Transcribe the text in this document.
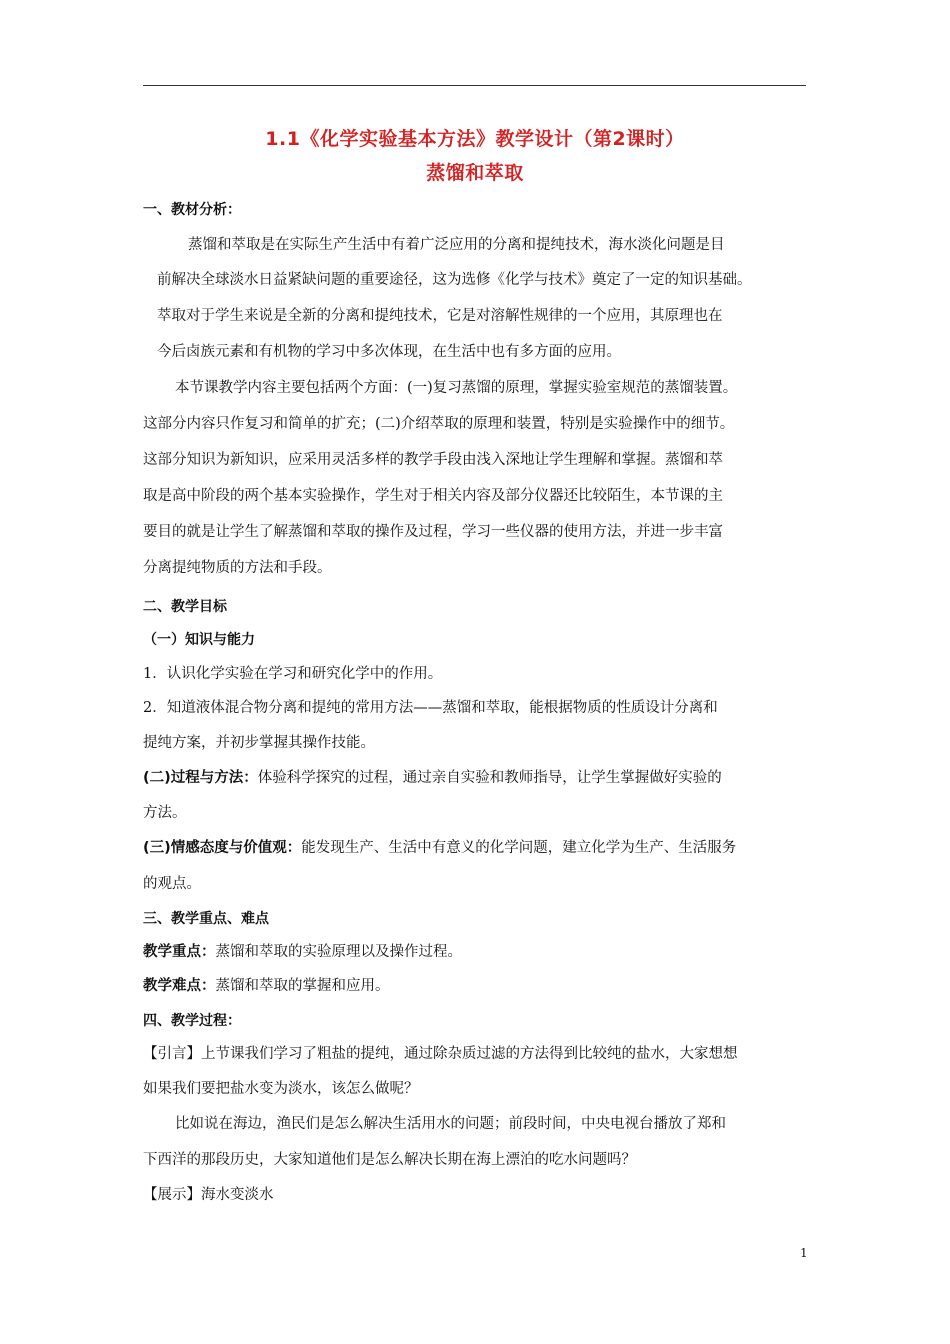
1.1《化学实验基本方法》教学设计（第2课时）
蒸馏和萃取
一、教材分析：
蒸馏和萃取是在实际生产生活中有着广泛应用的分离和提纯技术，海水淡化问题是目
前解决全球淡水日益紧缺问题的重要途径，这为选修《化学与技术》奠定了一定的知识基础。
萃取对于学生来说是全新的分离和提纯技术，它是对溶解性规律的一个应用，其原理也在
今后卤族元素和有机物的学习中多次体现，在生活中也有多方面的应用。
本节课教学内容主要包括两个方面：(一)复习蒸馏的原理，掌握实验室规范的蒸馏装置。
这部分内容只作复习和简单的扩充；(二)介绍萃取的原理和装置，特别是实验操作中的细节。
这部分知识为新知识，应采用灵活多样的教学手段由浅入深地让学生理解和掌握。蒸馏和萃
取是高中阶段的两个基本实验操作，学生对于相关内容及部分仪器还比较陌生，本节课的主
要目的就是让学生了解蒸馏和萃取的操作及过程，学习一些仪器的使用方法，并进一步丰富
分离提纯物质的方法和手段。
二、教学目标
（一）知识与能力
1．认识化学实验在学习和研究化学中的作用。
2．知道液体混合物分离和提纯的常用方法——蒸馏和萃取，能根据物质的性质设计分离和
提纯方案，并初步掌握其操作技能。
(二)过程与方法：体验科学探究的过程，通过亲自实验和教师指导，让学生掌握做好实验的
方法。
(三)情感态度与价值观：能发现生产、生活中有意义的化学问题，建立化学为生产、生活服务
的观点。
三、教学重点、难点
教学重点：蒸馏和萃取的实验原理以及操作过程。
教学难点：蒸馏和萃取的掌握和应用。
四、教学过程：
【引言】上节课我们学习了粗盐的提纯，通过除杂质过滤的方法得到比较纯的盐水，大家想想
如果我们要把盐水变为淡水，该怎么做呢？
比如说在海边，渔民们是怎么解决生活用水的问题；前段时间，中央电视台播放了郑和
下西洋的那段历史，大家知道他们是怎么解决长期在海上漂泊的吃水问题吗？
【展示】海水变淡水
1
